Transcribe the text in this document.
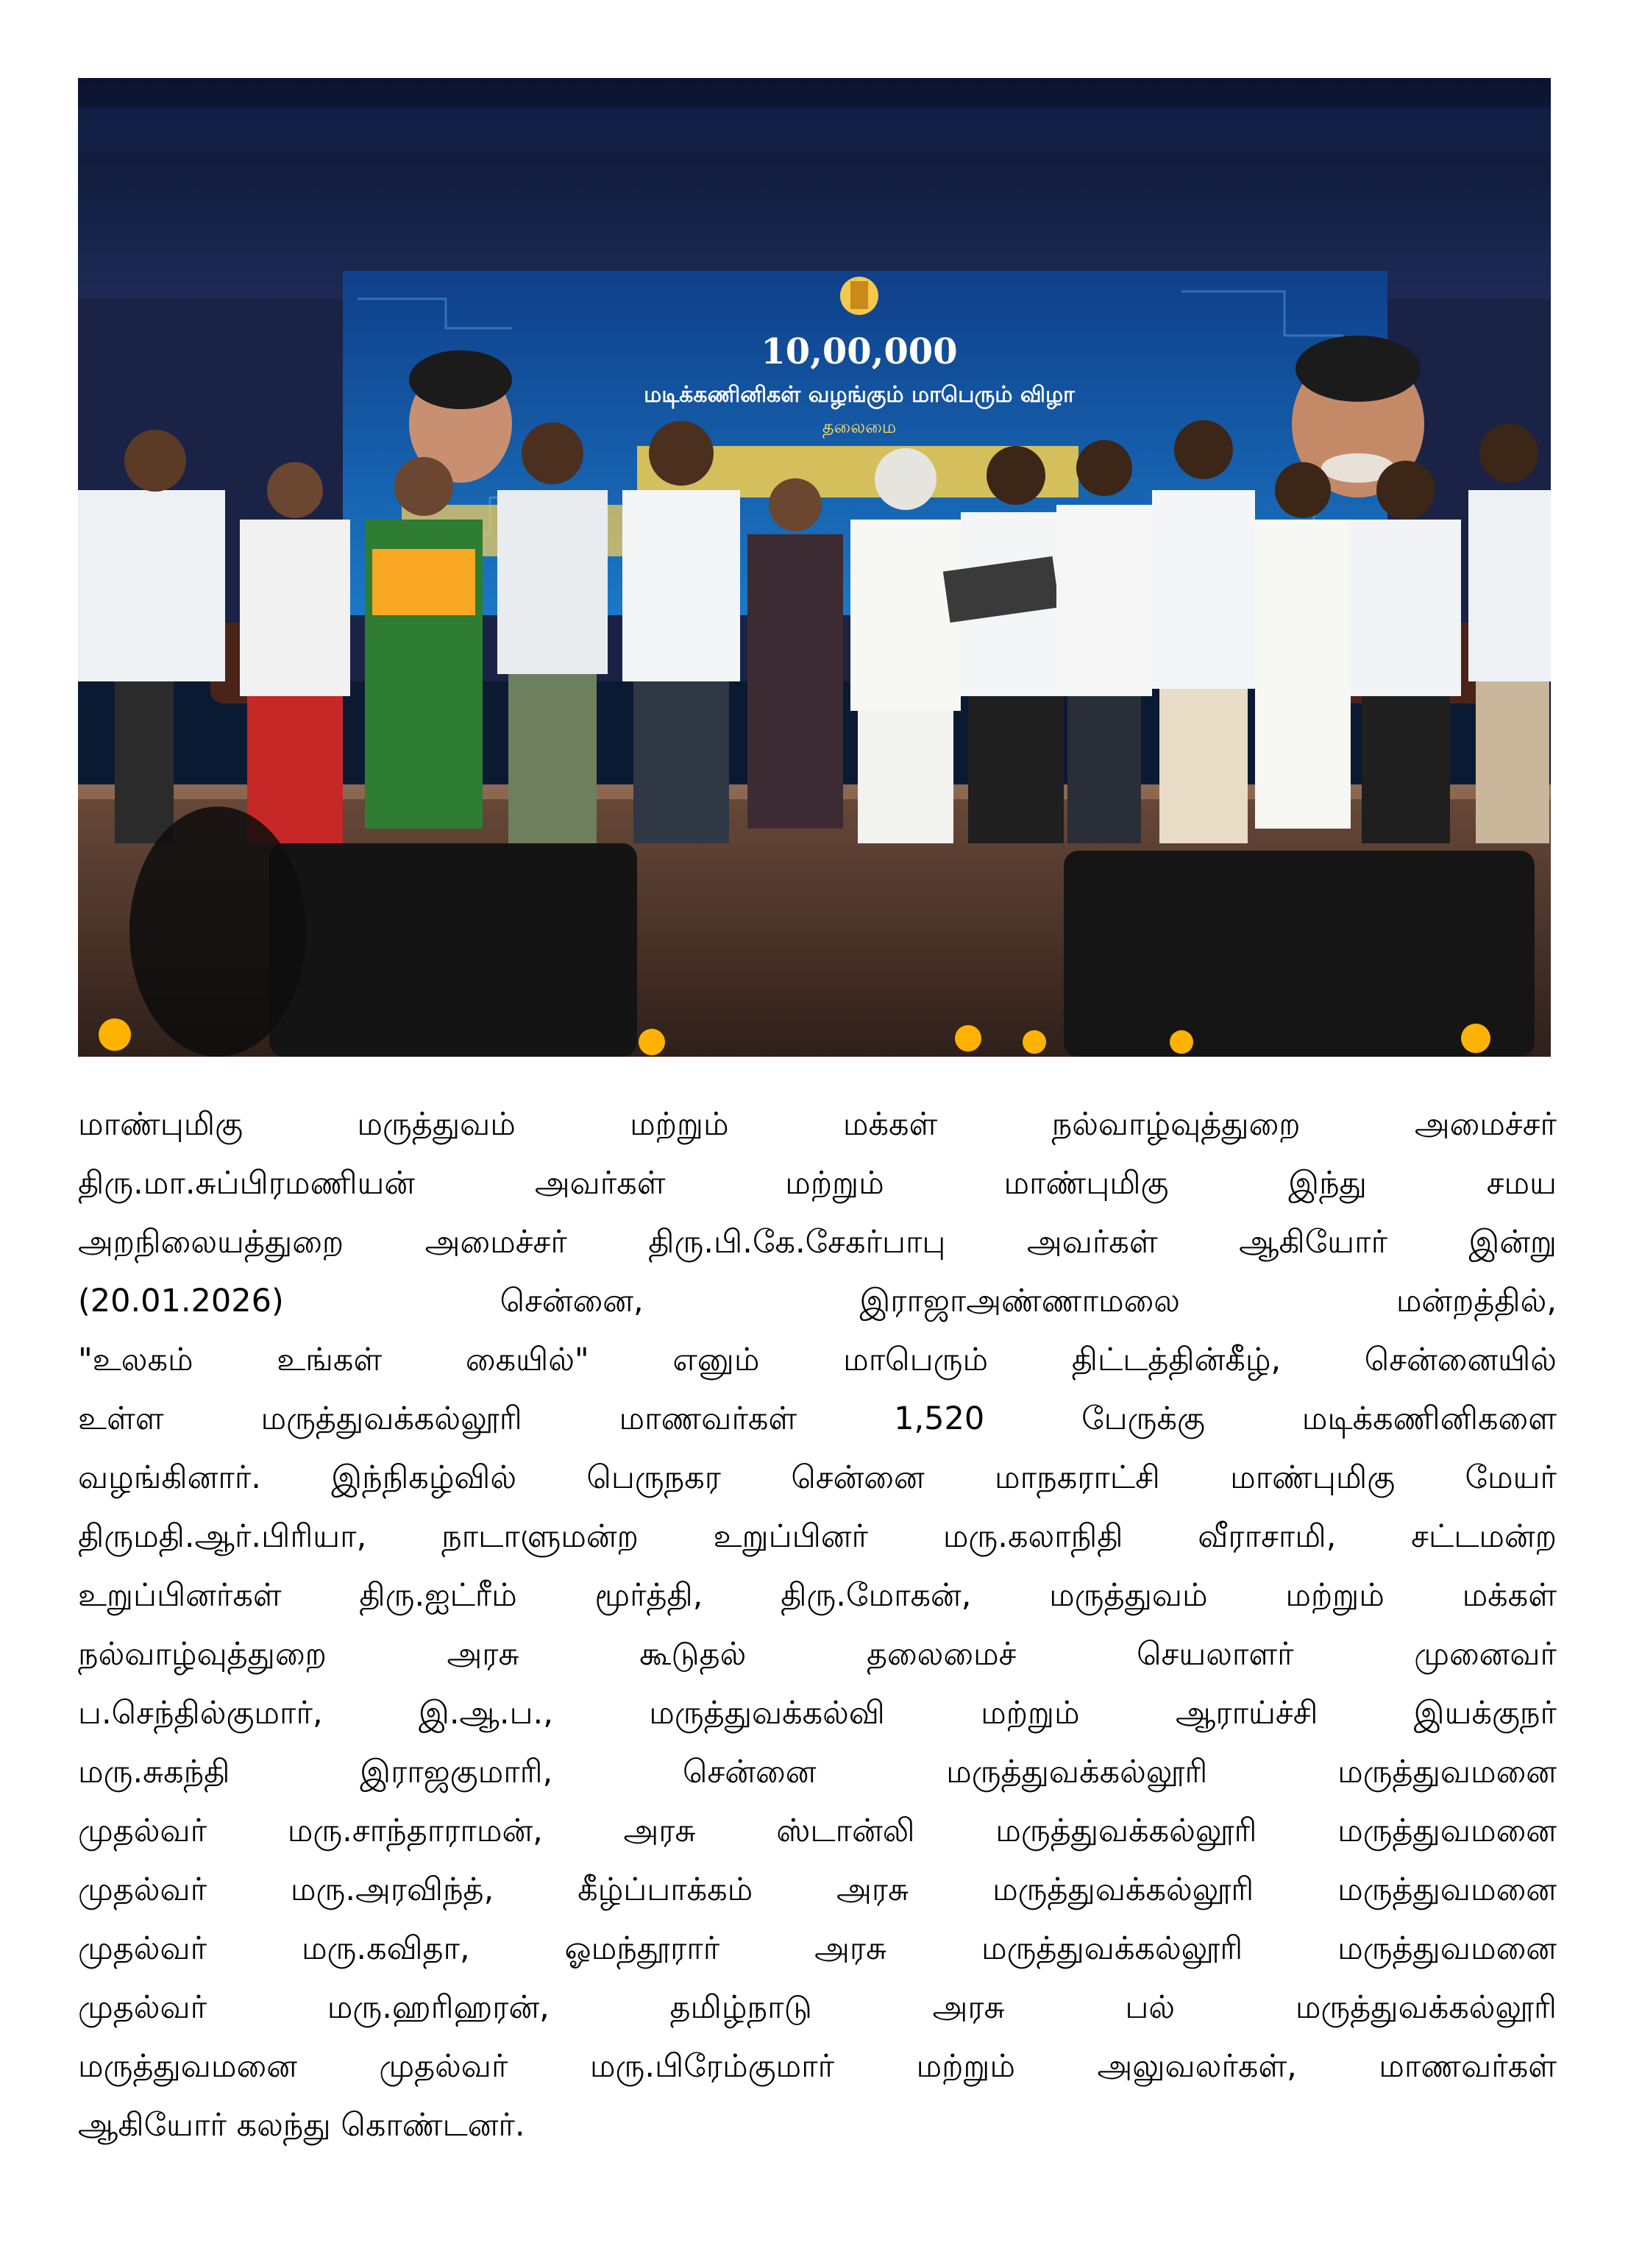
10,00,000
மடிக்கணினிகள் வழங்கும் மாபெரும் விழா
தலைமை
மாண்புமிகு மருத்துவம் மற்றும் மக்கள் நல்வாழ்வுத்துறை அமைச்சர்
திரு.மா.சுப்பிரமணியன் அவர்கள் மற்றும் மாண்புமிகு இந்து சமய
அறநிலையத்துறை அமைச்சர் திரு.பி.கே.சேகர்பாபு அவர்கள் ஆகியோர் இன்று
(20.01.2026) சென்னை, இராஜாஅண்ணாமலை மன்றத்தில்,
"உலகம் உங்கள் கையில்" எனும் மாபெரும் திட்டத்தின்கீழ், சென்னையில்
உள்ள மருத்துவக்கல்லூரி மாணவர்கள் 1,520 பேருக்கு மடிக்கணினிகளை
வழங்கினார். இந்நிகழ்வில் பெருநகர சென்னை மாநகராட்சி மாண்புமிகு மேயர்
திருமதி.ஆர்.பிரியா, நாடாளுமன்ற உறுப்பினர் மரு.கலாநிதி வீராசாமி, சட்டமன்ற
உறுப்பினர்கள் திரு.ஐட்ரீம் மூர்த்தி, திரு.மோகன், மருத்துவம் மற்றும் மக்கள்
நல்வாழ்வுத்துறை அரசு கூடுதல் தலைமைச் செயலாளர் முனைவர்
ப.செந்தில்குமார், இ.ஆ.ப., மருத்துவக்கல்வி மற்றும் ஆராய்ச்சி இயக்குநர்
மரு.சுகந்தி இராஜகுமாரி, சென்னை மருத்துவக்கல்லூரி மருத்துவமனை
முதல்வர் மரு.சாந்தாராமன், அரசு ஸ்டான்லி மருத்துவக்கல்லூரி மருத்துவமனை
முதல்வர் மரு.அரவிந்த், கீழ்ப்பாக்கம் அரசு மருத்துவக்கல்லூரி மருத்துவமனை
முதல்வர் மரு.கவிதா, ஓமந்தூரார் அரசு மருத்துவக்கல்லூரி மருத்துவமனை
முதல்வர் மரு.ஹரிஹரன், தமிழ்நாடு அரசு பல் மருத்துவக்கல்லூரி
மருத்துவமனை முதல்வர் மரு.பிரேம்குமார் மற்றும் அலுவலர்கள், மாணவர்கள்
ஆகியோர் கலந்து கொண்டனர்.
